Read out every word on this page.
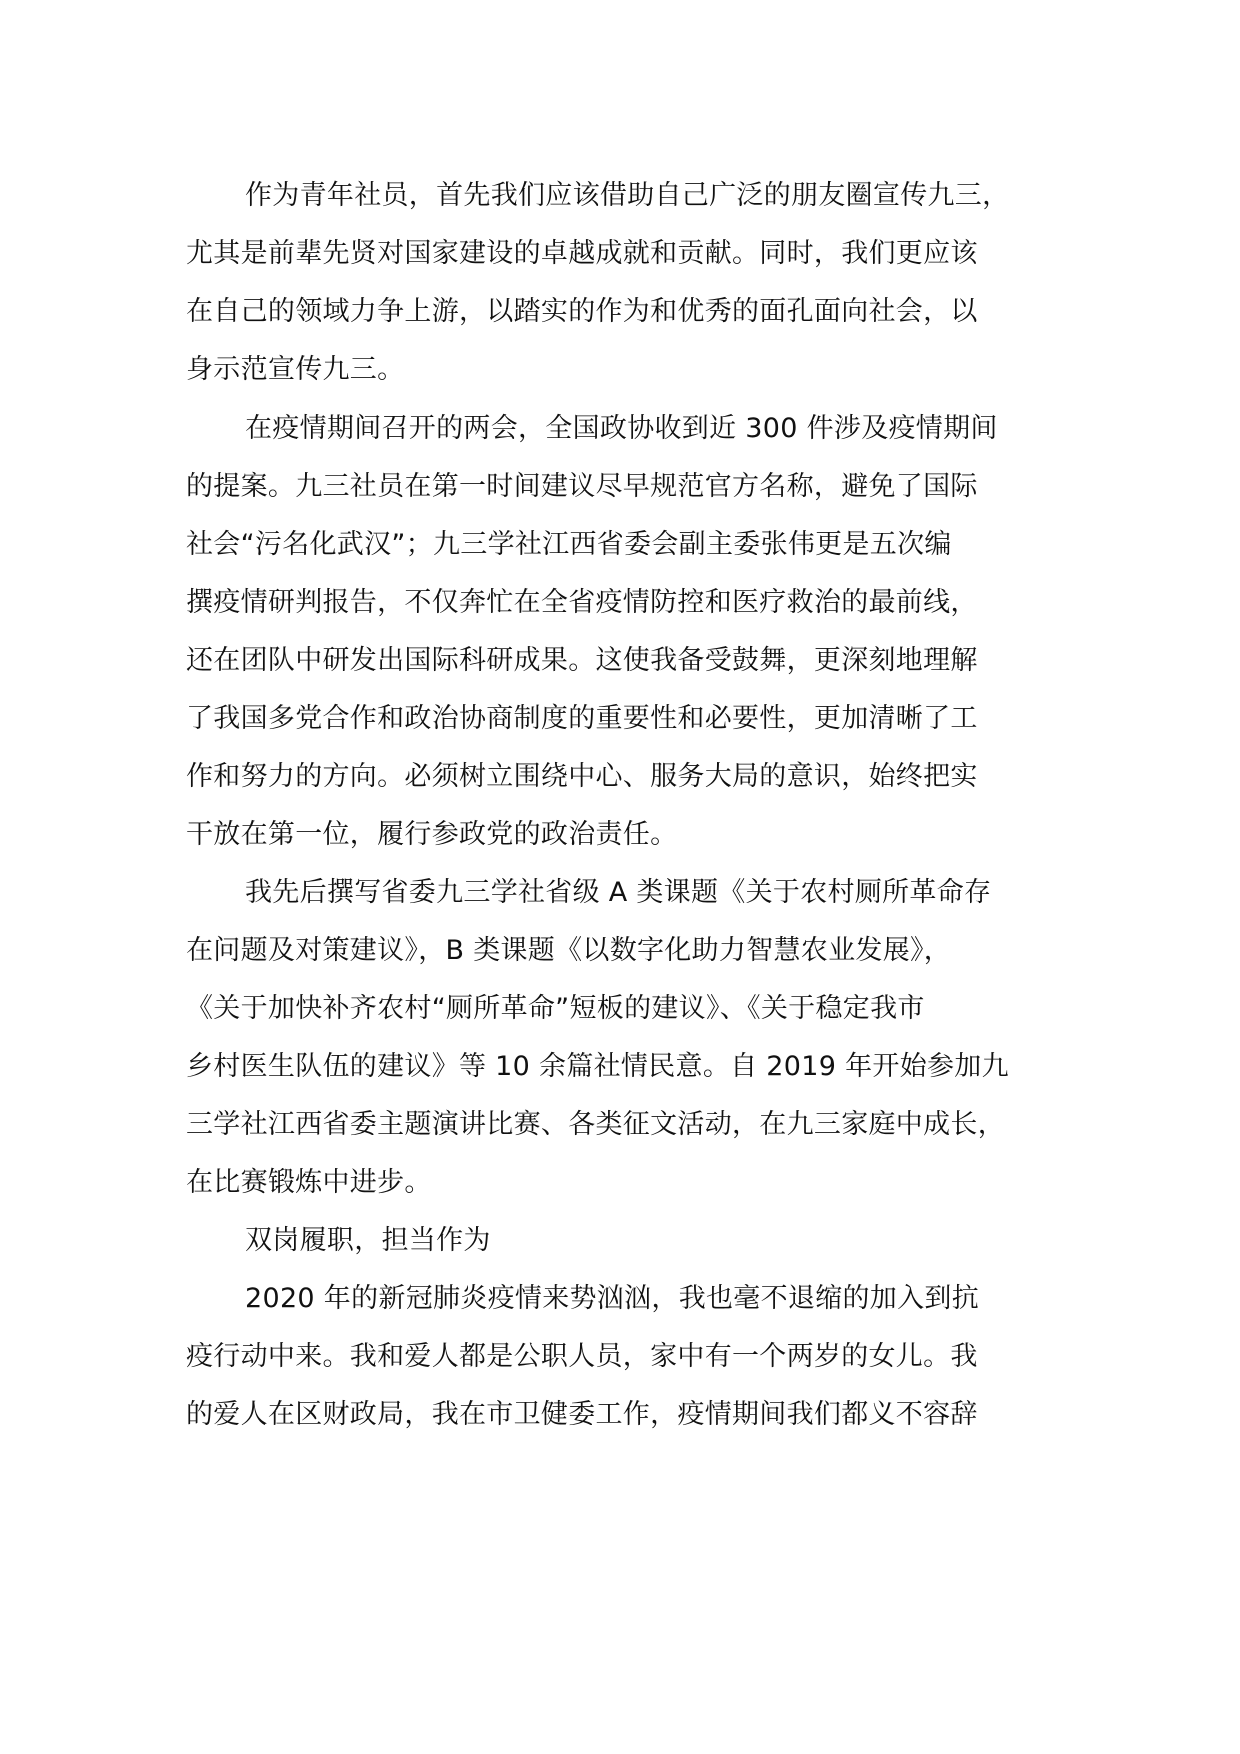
作为青年社员，首先我们应该借助自己广泛的朋友圈宣传九三，
尤其是前辈先贤对国家建设的卓越成就和贡献。同时，我们更应该
在自己的领域力争上游，以踏实的作为和优秀的面孔面向社会，以
身示范宣传九三。
在疫情期间召开的两会，全国政协收到近 300 件涉及疫情期间
的提案。九三社员在第一时间建议尽早规范官方名称，避免了国际
社会“污名化武汉”；九三学社江西省委会副主委张伟更是五次编
撰疫情研判报告，不仅奔忙在全省疫情防控和医疗救治的最前线，
还在团队中研发出国际科研成果。这使我备受鼓舞，更深刻地理解
了我国多党合作和政治协商制度的重要性和必要性，更加清晰了工
作和努力的方向。必须树立围绕中心、服务大局的意识，始终把实
干放在第一位，履行参政党的政治责任。
我先后撰写省委九三学社省级 A 类课题《关于农村厕所革命存
在问题及对策建议》，B 类课题《以数字化助力智慧农业发展》，
《关于加快补齐农村“厕所革命”短板的建议》、《关于稳定我市
乡村医生队伍的建议》等 10 余篇社情民意。自 2019 年开始参加九
三学社江西省委主题演讲比赛、各类征文活动，在九三家庭中成长，
在比赛锻炼中进步。
双岗履职，担当作为
2020 年的新冠肺炎疫情来势汹汹，我也毫不退缩的加入到抗
疫行动中来。我和爱人都是公职人员，家中有一个两岁的女儿。我
的爱人在区财政局，我在市卫健委工作，疫情期间我们都义不容辞
